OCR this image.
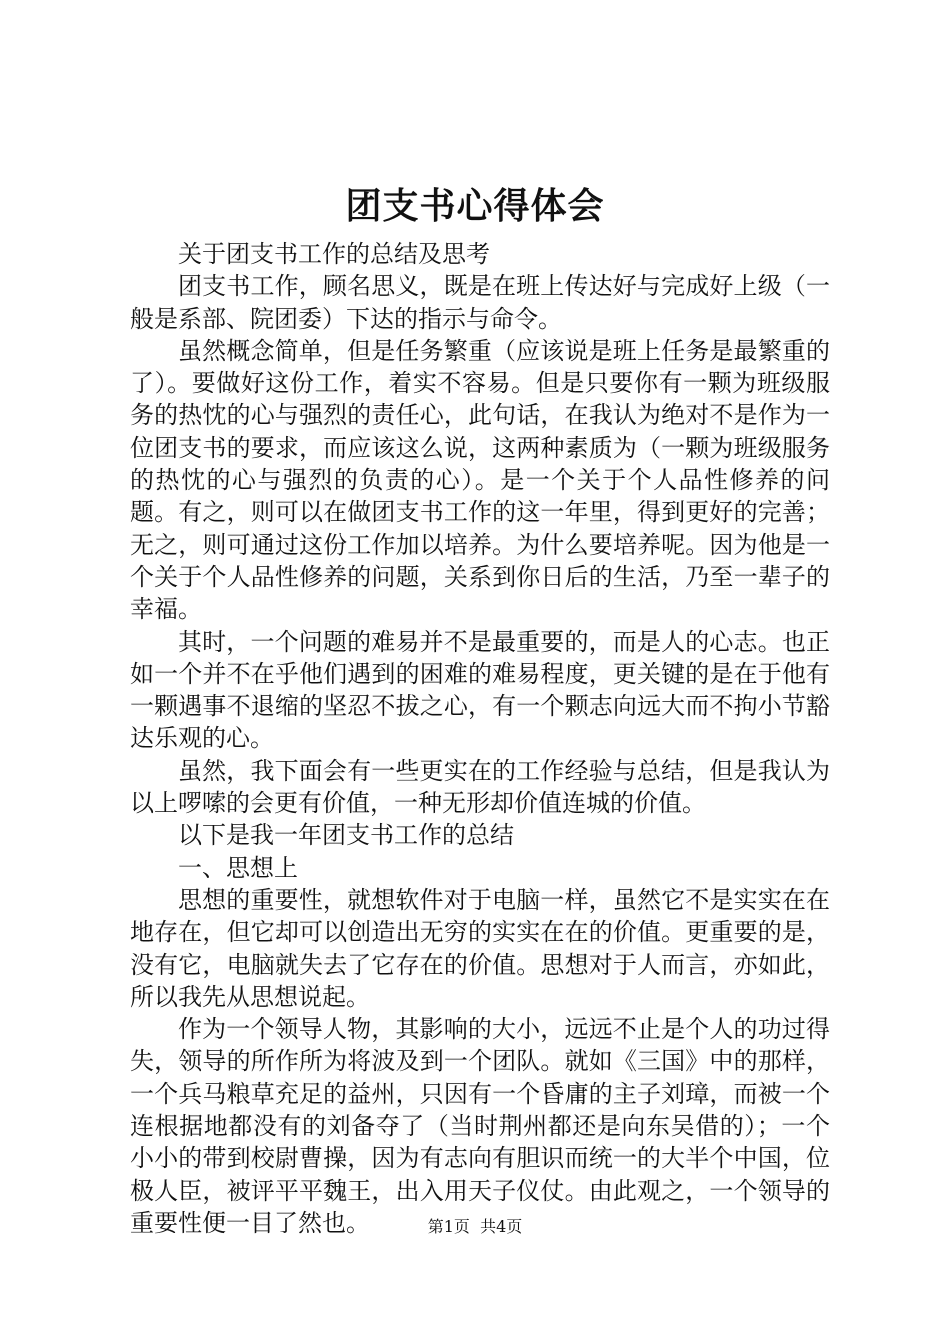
团支书心得体会

关于团支书工作的总结及思考

团支书工作，顾名思义，既是在班上传达好与完成好上级（一般是系部、院团委）下达的指示与命令。

虽然概念简单，但是任务繁重（应该说是班上任务是最繁重的了）。要做好这份工作，着实不容易。但是只要你有一颗为班级服务的热忱的心与强烈的责任心，此句话，在我认为绝对不是作为一位团支书的要求，而应该这么说，这两种素质为（一颗为班级服务的热忱的心与强烈的负责的心）。是一个关于个人品性修养的问题。有之，则可以在做团支书工作的这一年里，得到更好的完善；无之，则可通过这份工作加以培养。为什么要培养呢。因为他是一个关于个人品性修养的问题，关系到你日后的生活，乃至一辈子的幸福。

其时，一个问题的难易并不是最重要的，而是人的心志。也正如一个并不在乎他们遇到的困难的难易程度，更关键的是在于他有一颗遇事不退缩的坚忍不拔之心，有一个颗志向远大而不拘小节豁达乐观的心。

虽然，我下面会有一些更实在的工作经验与总结，但是我认为以上啰嗦的会更有价值，一种无形却价值连城的价值。

以下是我一年团支书工作的总结

一、思想上

思想的重要性，就想软件对于电脑一样，虽然它不是实实在在地存在，但它却可以创造出无穷的实实在在的价值。更重要的是，没有它，电脑就失去了它存在的价值。思想对于人而言，亦如此，所以我先从思想说起。

作为一个领导人物，其影响的大小，远远不止是个人的功过得失，领导的所作所为将波及到一个团队。就如《三国》中的那样，一个兵马粮草充足的益州，只因有一个昏庸的主子刘璋，而被一个连根据地都没有的刘备夺了（当时荆州都还是向东吴借的）；一个小小的带到校尉曹操，因为有志向有胆识而统一的大半个中国，位极人臣，被评平平魏王，出入用天子仪仗。由此观之，一个领导的重要性便一目了然也。	第1页 共4页
